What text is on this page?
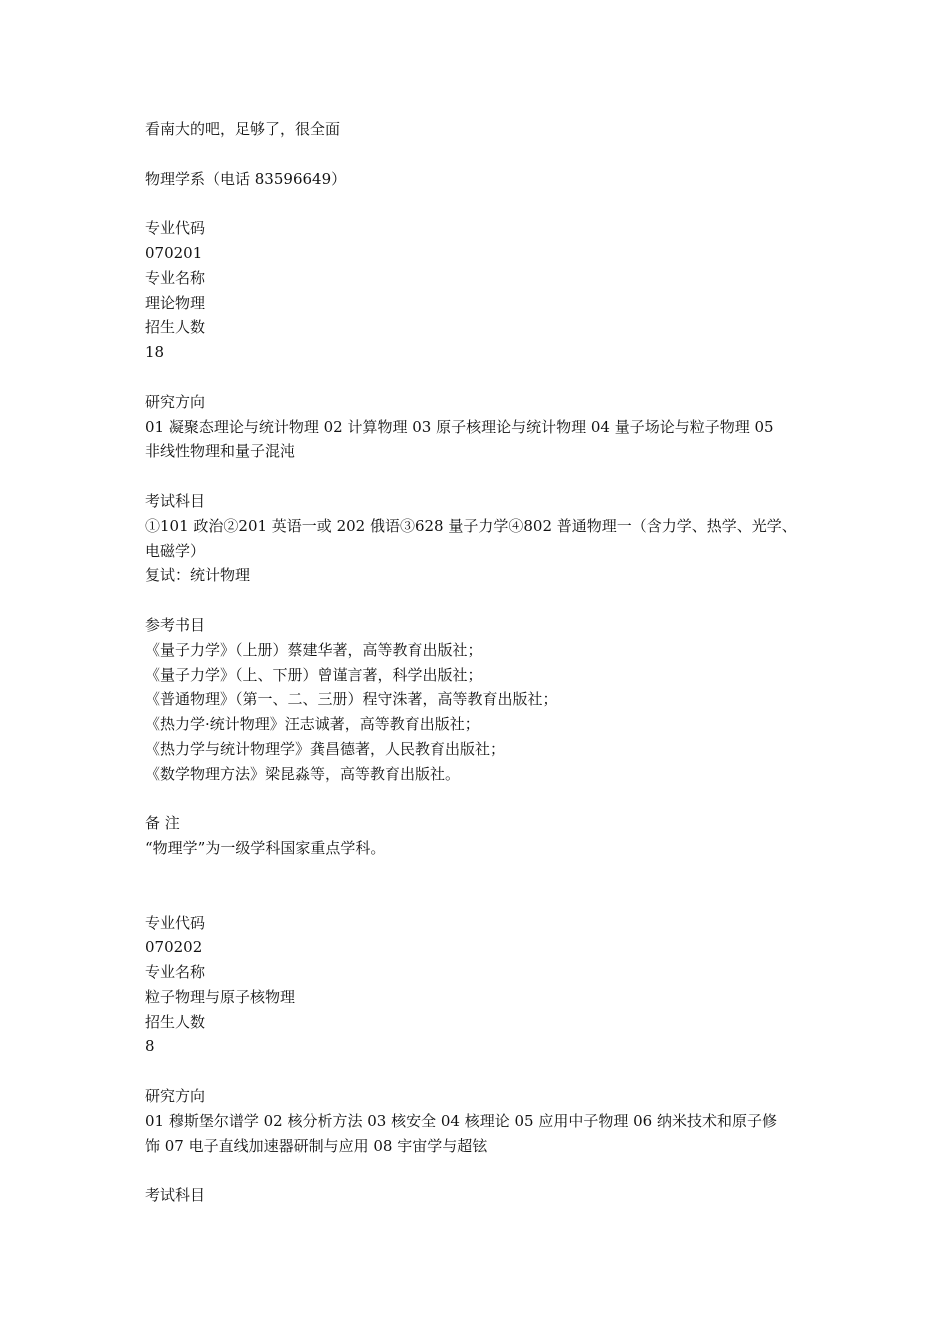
看南大的吧，足够了，很全面
物理学系（电话 83596649）
专业代码
070201
专业名称
理论物理
招生人数
18
研究方向
01 凝聚态理论与统计物理 02 计算物理 03 原子核理论与统计物理 04 量子场论与粒子物理 05
非线性物理和量子混沌
考试科目
①101 政治②201 英语一或 202 俄语③628 量子力学④802 普通物理一（含力学、热学、光学、
电磁学）
复试：统计物理
参考书目
《量子力学》（上册）蔡建华著，高等教育出版社；
《量子力学》（上、下册）曾谨言著，科学出版社；
《普通物理》（第一、二、三册）程守洙著，高等教育出版社；
《热力学·统计物理》汪志诚著，高等教育出版社；
《热力学与统计物理学》龚昌德著，人民教育出版社；
《数学物理方法》梁昆淼等，高等教育出版社。
备 注
“物理学”为一级学科国家重点学科。
专业代码
070202
专业名称
粒子物理与原子核物理
招生人数
8
研究方向
01 穆斯堡尔谱学 02 核分析方法 03 核安全 04 核理论 05 应用中子物理 06 纳米技术和原子修
饰 07 电子直线加速器研制与应用 08 宇宙学与超铉
考试科目
